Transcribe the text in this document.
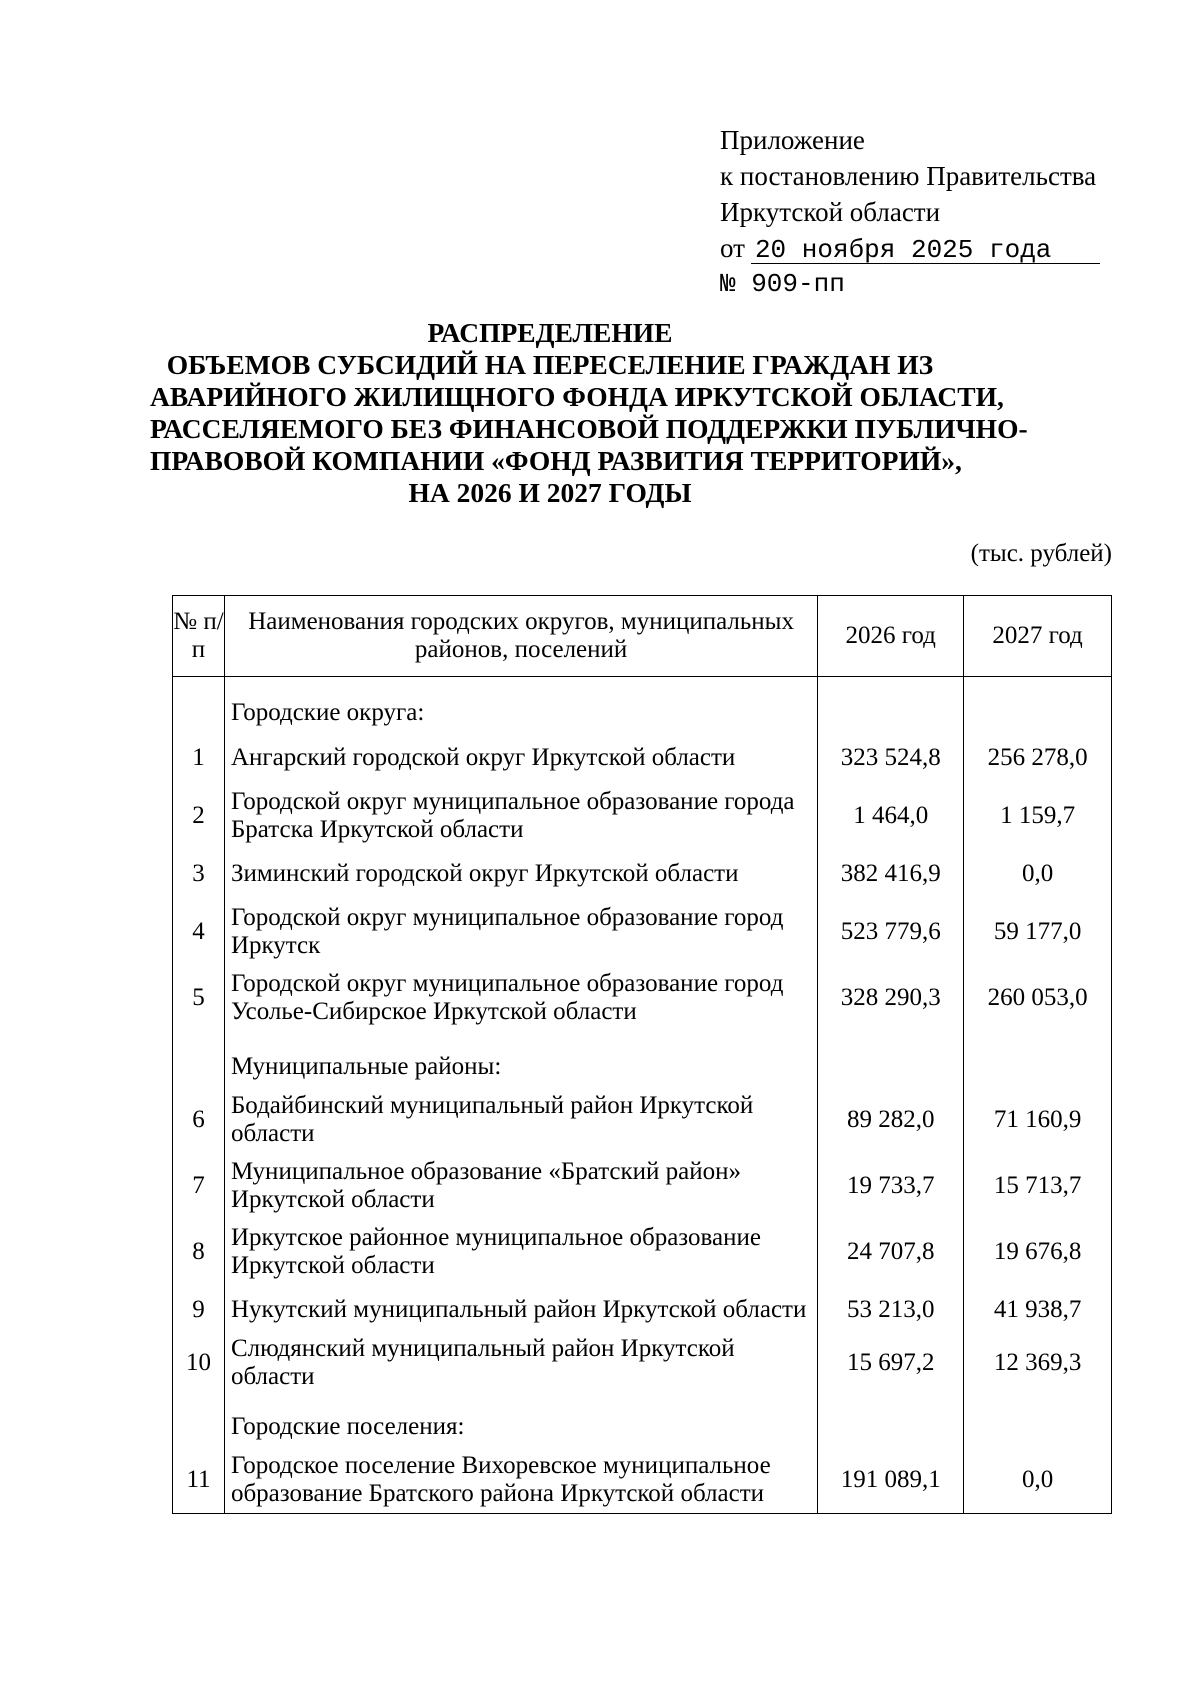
Приложение
к постановлению Правительства
Иркутской области
от 20 ноября 2025 года
№ 909-пп
РАСПРЕДЕЛЕНИЕ
ОБЪЕМОВ СУБСИДИЙ НА ПЕРЕСЕЛЕНИЕ ГРАЖДАН ИЗ
АВАРИЙНОГО ЖИЛИЩНОГО ФОНДА ИРКУТСКОЙ ОБЛАСТИ,
РАССЕЛЯЕМОГО БЕЗ ФИНАНСОВОЙ ПОДДЕРЖКИ ПУБЛИЧНО-
ПРАВОВОЙ КОМПАНИИ «ФОНД РАЗВИТИЯ ТЕРРИТОРИЙ»,
НА 2026 И 2027 ГОДЫ
(тыс. рублей)
№ п/п	Наименования городских округов, муниципальных районов, поселений	2026 год	2027 год
	Городские округа:		
1	Ангарский городской округ Иркутской области	323 524,8	256 278,0
2	Городской округ муниципальное образование города Братска Иркутской области	1 464,0	1 159,7
3	Зиминский городской округ Иркутской области	382 416,9	0,0
4	Городской округ муниципальное образование город Иркутск	523 779,6	59 177,0
5	Городской округ муниципальное образование город Усолье-Сибирское Иркутской области	328 290,3	260 053,0
	Муниципальные районы:		
6	Бодайбинский муниципальный район Иркутской области	89 282,0	71 160,9
7	Муниципальное образование «Братский район» Иркутской области	19 733,7	15 713,7
8	Иркутское районное муниципальное образование Иркутской области	24 707,8	19 676,8
9	Нукутский муниципальный район Иркутской области	53 213,0	41 938,7
10	Слюдянский муниципальный район Иркутской области	15 697,2	12 369,3
	Городские поселения:		
11	Городское поселение Вихоревское муниципальное образование Братского района Иркутской области	191 089,1	0,0
